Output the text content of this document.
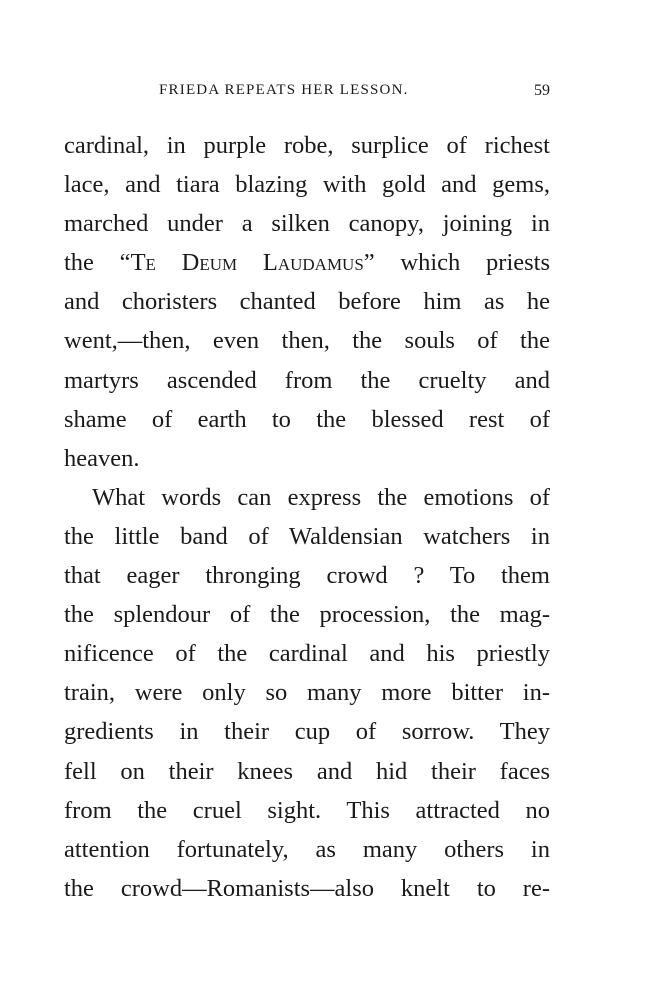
FRIEDA REPEATS HER LESSON.	59
cardinal, in purple robe, surplice of richest
lace, and tiara blazing with gold and gems,
marched under a silken canopy, joining in
the “Te Deum Laudamus” which priests
and choristers chanted before him as he
went,—then, even then, the souls of the
martyrs ascended from the cruelty and
shame of earth to the blessed rest of
heaven.
What words can express the emotions of
the little band of Waldensian watchers in
that eager thronging crowd ? To them
the splendour of the procession, the mag-
nificence of the cardinal and his priestly
train, were only so many more bitter in-
gredients in their cup of sorrow. They
fell on their knees and hid their faces
from the cruel sight. This attracted no
attention fortunately, as many others in
the crowd—Romanists—also knelt to re-
